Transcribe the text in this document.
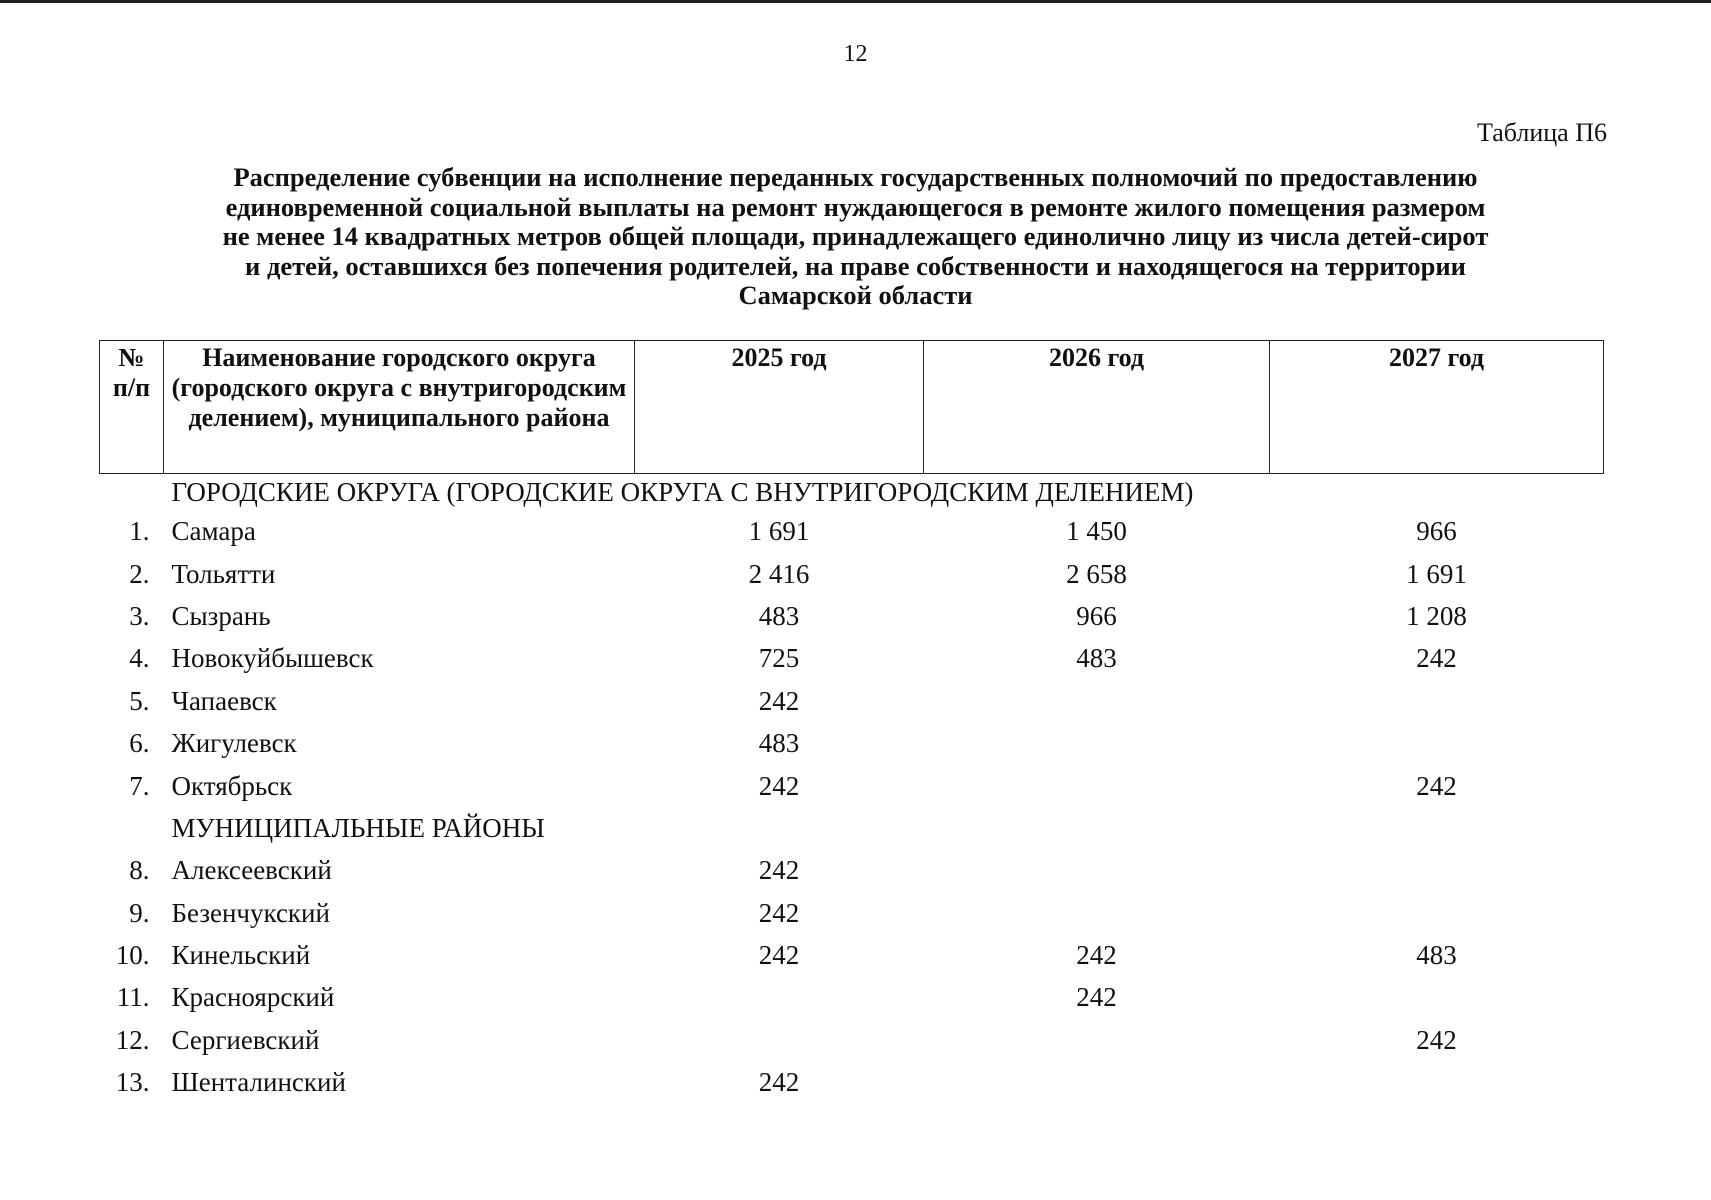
12
Таблица П6
Распределение субвенции на исполнение переданных государственных полномочий по предоставлению
единовременной социальной выплаты на ремонт нуждающегося в ремонте жилого помещения размером
не менее 14 квадратных метров общей площади, принадлежащего единолично лицу из числа детей-сирот
и детей, оставшихся без попечения родителей, на праве собственности и находящегося на территории
Самарской области
№
п/п	Наименование городского округа (городского округа с внутригородским делением), муниципального района	2025 год	2026 год	2027 год
	ГОРОДСКИЕ ОКРУГА (ГОРОДСКИЕ ОКРУГА С ВНУТРИГОРОДСКИМ ДЕЛЕНИЕМ)			
1.	Самара	1 691	1 450	966
2.	Тольятти	2 416	2 658	1 691
3.	Сызрань	483	966	1 208
4.	Новокуйбышевск	725	483	242
5.	Чапаевск	242		
6.	Жигулевск	483		
7.	Октябрьск	242		242
	МУНИЦИПАЛЬНЫЕ РАЙОНЫ			
8.	Алексеевский	242		
9.	Безенчукский	242		
10.	Кинельский	242	242	483
11.	Красноярский		242	
12.	Сергиевский			242
13.	Шенталинский	242		
